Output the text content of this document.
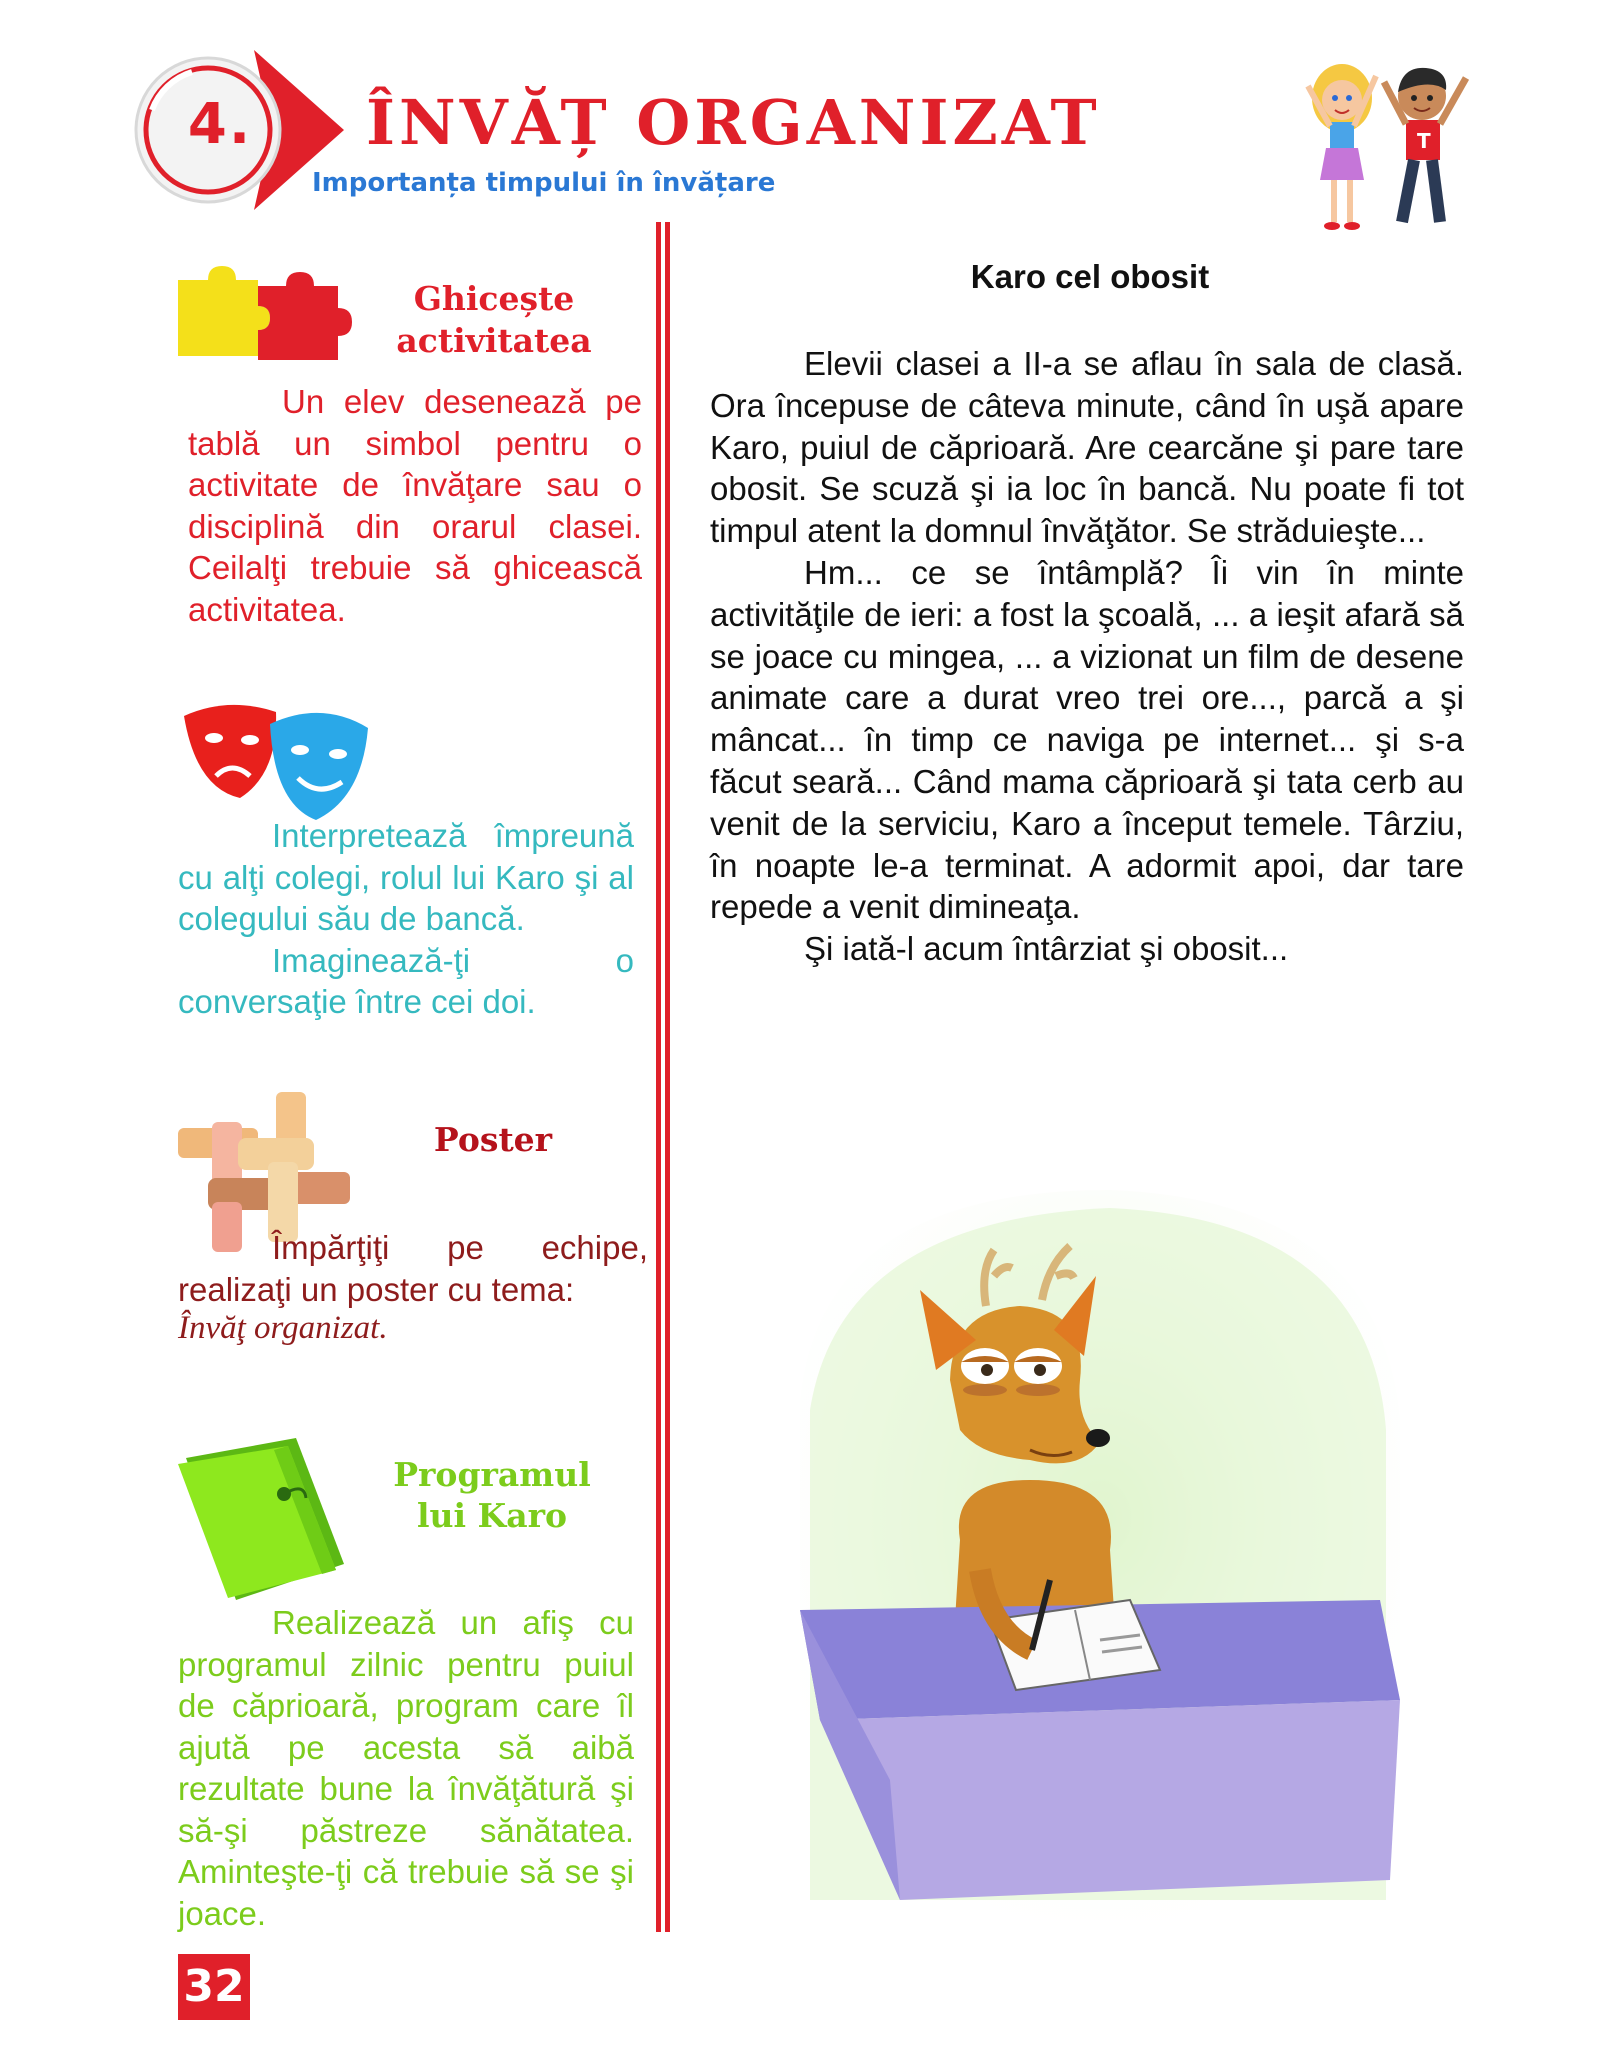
4. ÎNVĂȚ ORGANIZAT
Importanța timpului în învățare
T
Ghicește
activitatea

Un elev desenează pe tablă un simbol pentru o activitate de învăţare sau o disciplină din orarul clasei. Ceilalţi trebuie să ghicească activitatea.

Interpretează împreună cu alţi colegi, rolul lui Karo şi al colegului său de bancă.

Imaginează-ţi o conversaţie între cei doi.

Poster

Împărţiţi pe echipe, realizaţi un poster cu tema:

Învăţ organizat.
Programul
lui Karo

Realizează un afiş cu programul zilnic pentru puiul de căprioară, program care îl ajută pe acesta să aibă rezultate bune la învăţătură şi să-şi păstreze sănătatea. Aminteşte-ţi că trebuie să se şi joace.

32
Karo cel obosit

Elevii clasei a II-a se aflau în sala de clasă. Ora începuse de câteva minute, când în uşă apare Karo, puiul de căprioară. Are cearcăne şi pare tare obosit. Se scuză şi ia loc în bancă. Nu poate fi tot timpul atent la domnul învăţător. Se străduieşte...

Hm... ce se întâmplă? Îi vin în minte activităţile de ieri: a fost la şcoală, ... a ieşit afară să se joace cu mingea, ... a vizionat un film de desene animate care a durat vreo trei ore..., parcă a şi mâncat... în timp ce naviga pe internet... şi s-a făcut seară... Când mama căprioară şi tata cerb au venit de la serviciu, Karo a început temele. Târziu, în noapte le-a terminat. A adormit apoi, dar tare repede a venit dimineaţa.

Şi iată-l acum întârziat şi obosit...
